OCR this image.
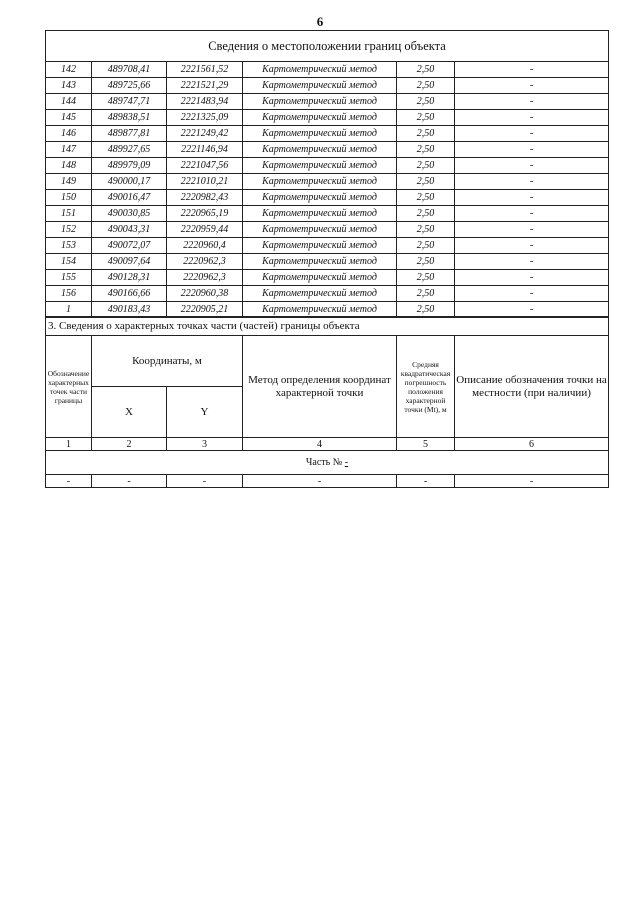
6
Сведения о местоположении границ объекта					
142	489708,41	2221561,52	Картометрический метод	2,50	-
143	489725,66	2221521,29	Картометрический метод	2,50	-
144	489747,71	2221483,94	Картометрический метод	2,50	-
145	489838,51	2221325,09	Картометрический метод	2,50	-
146	489877,81	2221249,42	Картометрический метод	2,50	-
147	489927,65	2221146,94	Картометрический метод	2,50	-
148	489979,09	2221047,56	Картометрический метод	2,50	-
149	490000,17	2221010,21	Картометрический метод	2,50	-
150	490016,47	2220982,43	Картометрический метод	2,50	-
151	490030,85	2220965,19	Картометрический метод	2,50	-
152	490043,31	2220959,44	Картометрический метод	2,50	-
153	490072,07	2220960,4	Картометрический метод	2,50	-
154	490097,64	2220962,3	Картометрический метод	2,50	-
155	490128,31	2220962,3	Картометрический метод	2,50	-
156	490166,66	2220960,38	Картометрический метод	2,50	-
1	490183,43	2220905,21	Картометрический метод	2,50	-
3. Сведения о характерных точках части (частей) границы объекта					
Обозначение характерных точек части границы	Координаты, м		Метод определения координат характерной точки	Средняя квадратическая погрешность положения характерной точки (Mt), м	Описание обозначения точки на местности (при наличии)
	X	Y			
1	2	3	4	5	6
Часть № -					
-	-	-	-	-	-
